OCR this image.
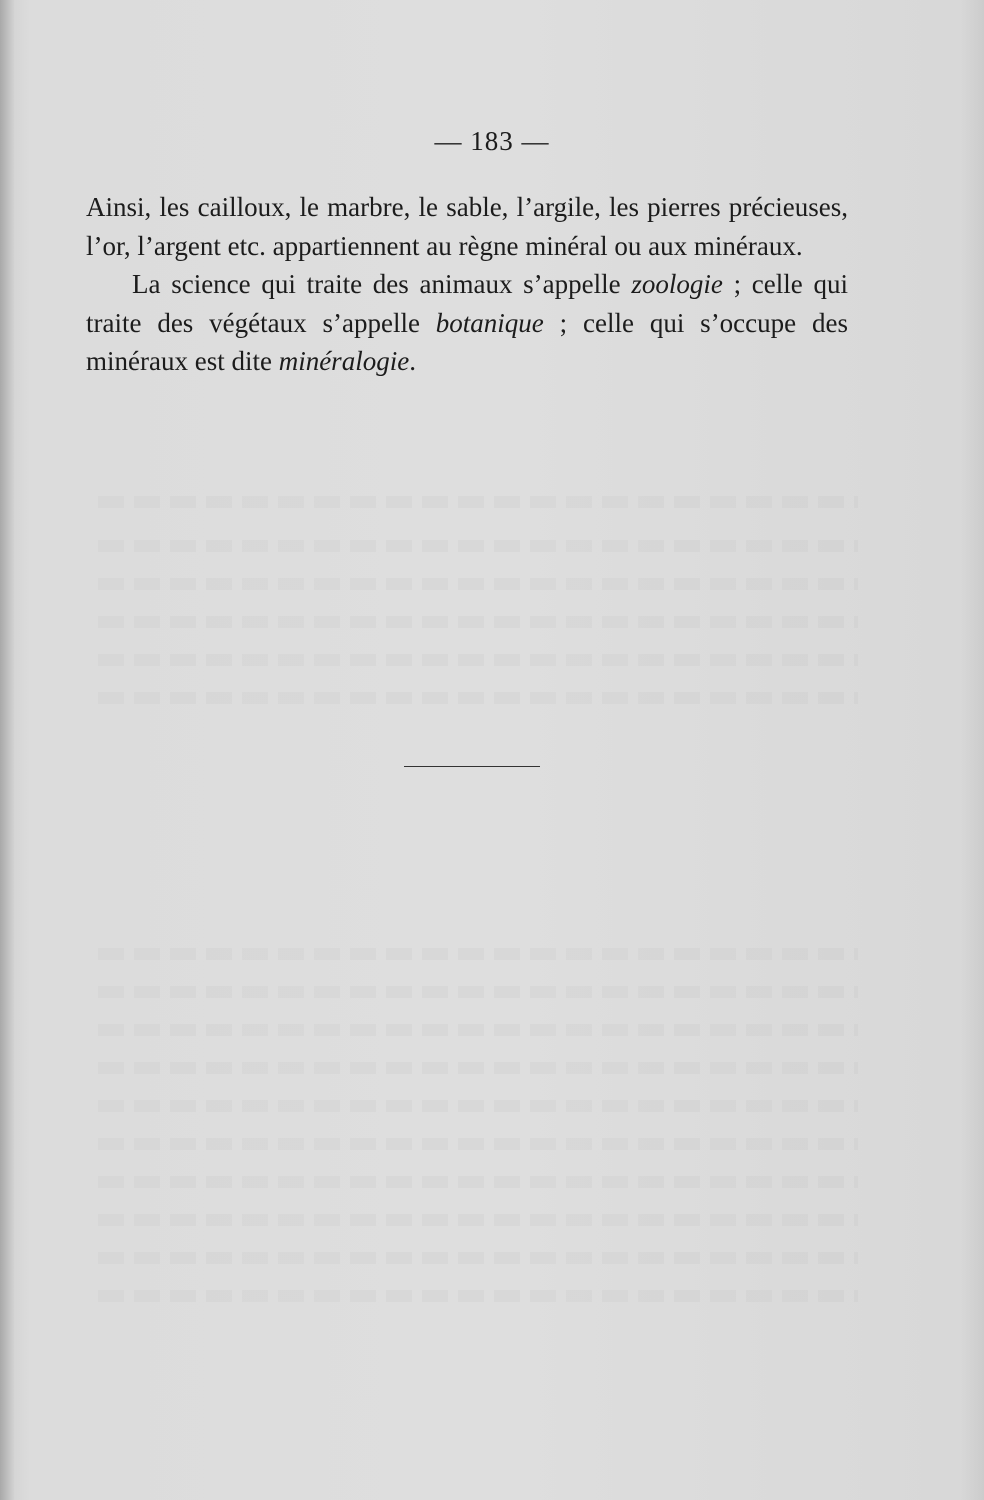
— 183 —

Ainsi, les cailloux, le marbre, le sable, l’argile, les pierres précieuses, l’or, l’argent etc. appartiennent au règne minéral ou aux minéraux.

La science qui traite des animaux s’appelle zoologie ; celle qui traite des végétaux s’appelle botanique ; celle qui s’occupe des minéraux est dite minéralogie.
